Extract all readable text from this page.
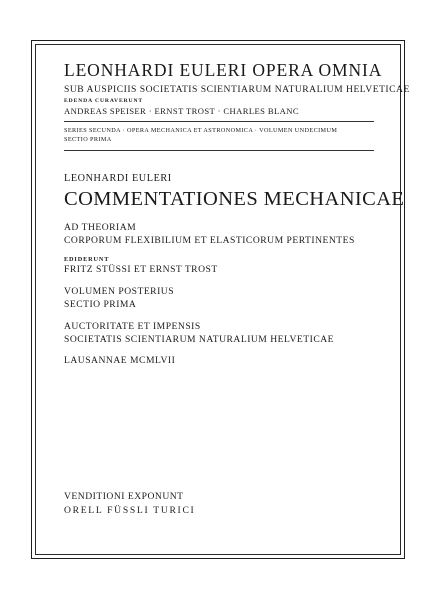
LEONHARDI EULERI OPERA OMNIA

SUB AUSPICIIS SOCIETATIS SCIENTIARUM NATURALIUM HELVETICAE

EDENDA CURAVERUNT

ANDREAS SPEISER · ERNST TROST · CHARLES BLANC

SERIES SECUNDA · OPERA MECHANICA ET ASTRONOMICA · VOLUMEN UNDECIMUM

SECTIO PRIMA

LEONHARDI EULERI

COMMENTATIONES MECHANICAE

AD THEORIAM

CORPORUM FLEXIBILIUM ET ELASTICORUM PERTINENTES

EDIDERUNT

FRITZ STÜSSI ET ERNST TROST

VOLUMEN POSTERIUS

SECTIO PRIMA

AUCTORITATE ET IMPENSIS

SOCIETATIS SCIENTIARUM NATURALIUM HELVETICAE

LAUSANNAE MCMLVII

VENDITIONI EXPONUNT

ORELL FÜSSLI TURICI
